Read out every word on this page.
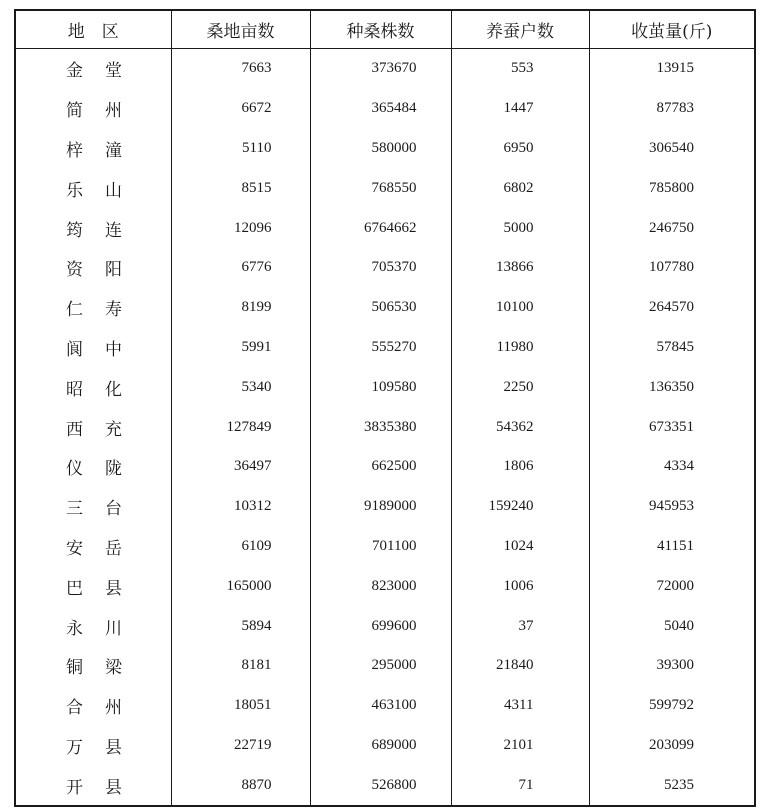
地　区	桑地亩数	种桑株数	养蚕户数	收茧量(斤)
金堂	7663	373670	553	13915
简州	6672	365484	1447	87783
梓潼	5110	580000	6950	306540
乐山	8515	768550	6802	785800
筠连	12096	6764662	5000	246750
资阳	6776	705370	13866	107780
仁寿	8199	506530	10100	264570
阆中	5991	555270	11980	57845
昭化	5340	109580	2250	136350
西充	127849	3835380	54362	673351
仪陇	36497	662500	1806	4334
三台	10312	9189000	159240	945953
安岳	6109	701100	1024	41151
巴县	165000	823000	1006	72000
永川	5894	699600	37	5040
铜梁	8181	295000	21840	39300
合州	18051	463100	4311	599792
万县	22719	689000	2101	203099
开县	8870	526800	71	5235
